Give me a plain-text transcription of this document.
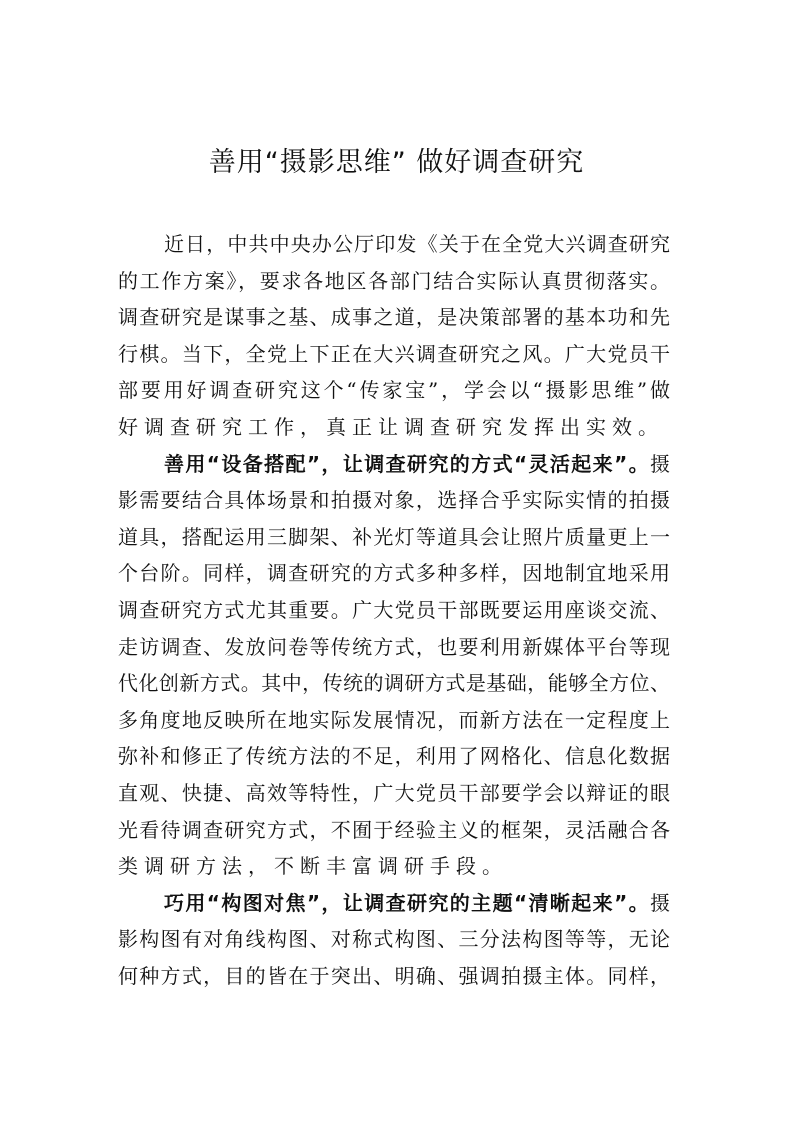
善用“摄影思维” 做好调查研究
近日，中共中央办公厅印发《关于在全党大兴调查研究
的工作方案》，要求各地区各部门结合实际认真贯彻落实。
调查研究是谋事之基、成事之道，是决策部署的基本功和先
行棋。当下，全党上下正在大兴调查研究之风。广大党员干
部要用好调查研究这个“传家宝”，学会以“摄影思维”做
好调查研究工作，真正让调查研究发挥出实效。
善用“设备搭配”，让调查研究的方式“灵活起来”。摄
影需要结合具体场景和拍摄对象，选择合乎实际实情的拍摄
道具，搭配运用三脚架、补光灯等道具会让照片质量更上一
个台阶。同样，调查研究的方式多种多样，因地制宜地采用
调查研究方式尤其重要。广大党员干部既要运用座谈交流、
走访调查、发放问卷等传统方式，也要利用新媒体平台等现
代化创新方式。其中，传统的调研方式是基础，能够全方位、
多角度地反映所在地实际发展情况，而新方法在一定程度上
弥补和修正了传统方法的不足，利用了网格化、信息化数据
直观、快捷、高效等特性，广大党员干部要学会以辩证的眼
光看待调查研究方式，不囿于经验主义的框架，灵活融合各
类调研方法，不断丰富调研手段。
巧用“构图对焦”，让调查研究的主题“清晰起来”。摄
影构图有对角线构图、对称式构图、三分法构图等等，无论
何种方式，目的皆在于突出、明确、强调拍摄主体。同样，
